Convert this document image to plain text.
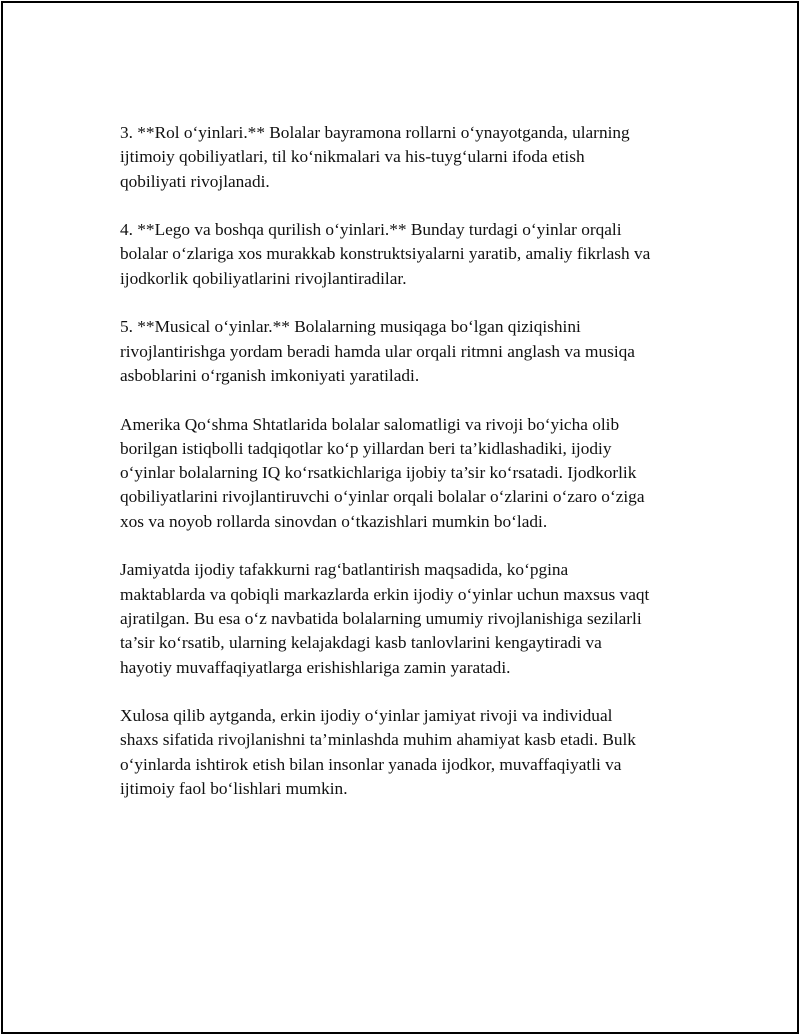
3. **Rol o‘yinlari.** Bolalar bayramona rollarni o‘ynayotganda, ularning
ijtimoiy qobiliyatlari, til ko‘nikmalari va his-tuyg‘ularni ifoda etish
qobiliyati rivojlanadi.

4. **Lego va boshqa qurilish o‘yinlari.** Bunday turdagi o‘yinlar orqali
bolalar o‘zlariga xos murakkab konstruktsiyalarni yaratib, amaliy fikrlash va
ijodkorlik qobiliyatlarini rivojlantiradilar.

5. **Musical o‘yinlar.** Bolalarning musiqaga bo‘lgan qiziqishini
rivojlantirishga yordam beradi hamda ular orqali ritmni anglash va musiqa
asboblarini o‘rganish imkoniyati yaratiladi.

Amerika Qo‘shma Shtatlarida bolalar salomatligi va rivoji bo‘yicha olib
borilgan istiqbolli tadqiqotlar ko‘p yillardan beri ta’kidlashadiki, ijodiy
o‘yinlar bolalarning IQ ko‘rsatkichlariga ijobiy ta’sir ko‘rsatadi. Ijodkorlik
qobiliyatlarini rivojlantiruvchi o‘yinlar orqali bolalar o‘zlarini o‘zaro o‘ziga
xos va noyob rollarda sinovdan o‘tkazishlari mumkin bo‘ladi.

Jamiyatda ijodiy tafakkurni rag‘batlantirish maqsadida, ko‘pgina
maktablarda va qobiqli markazlarda erkin ijodiy o‘yinlar uchun maxsus vaqt
ajratilgan. Bu esa o‘z navbatida bolalarning umumiy rivojlanishiga sezilarli
ta’sir ko‘rsatib, ularning kelajakdagi kasb tanlovlarini kengaytiradi va
hayotiy muvaffaqiyatlarga erishishlariga zamin yaratadi.

Xulosa qilib aytganda, erkin ijodiy o‘yinlar jamiyat rivoji va individual
shaxs sifatida rivojlanishni ta’minlashda muhim ahamiyat kasb etadi. Bulk
o‘yinlarda ishtirok etish bilan insonlar yanada ijodkor, muvaffaqiyatli va
ijtimoiy faol bo‘lishlari mumkin.
